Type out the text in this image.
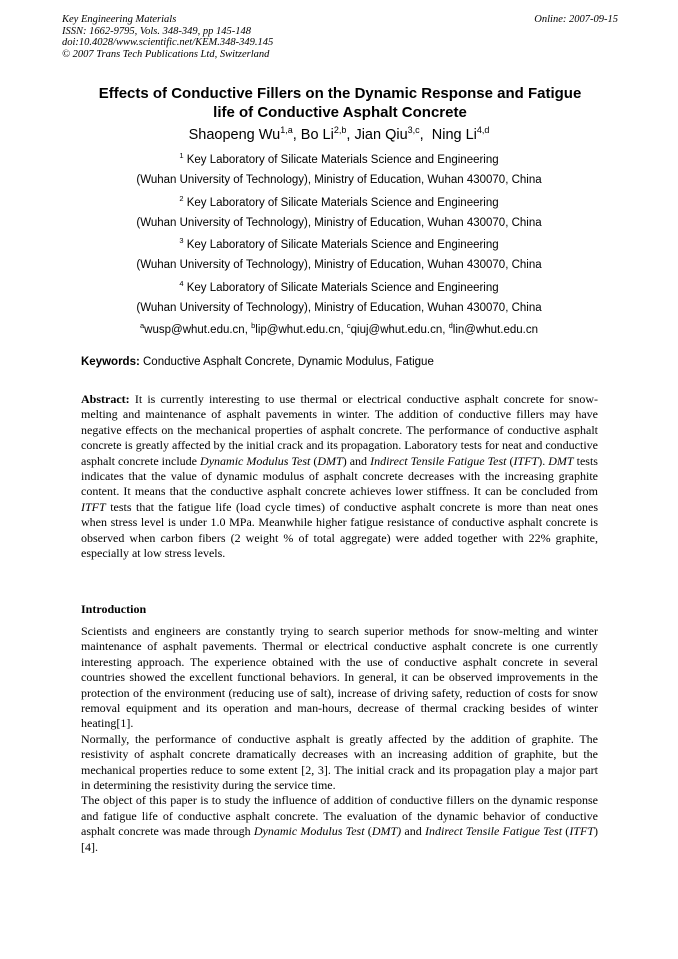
Key Engineering Materials
ISSN: 1662-9795, Vols. 348-349, pp 145-148
doi:10.4028/www.scientific.net/KEM.348-349.145
© 2007 Trans Tech Publications Ltd, Switzerland
Online: 2007-09-15
Effects of Conductive Fillers on the Dynamic Response and Fatigue
life of Conductive Asphalt Concrete
Shaopeng Wu$^{1,a}$, Bo Li$^{2,b}$, Jian Qiu$^{3,c}$,  Ning Li$^{4,d}$
$^1$ Key Laboratory of Silicate Materials Science and Engineering
(Wuhan University of Technology), Ministry of Education, Wuhan 430070, China
$^2$ Key Laboratory of Silicate Materials Science and Engineering
(Wuhan University of Technology), Ministry of Education, Wuhan 430070, China
$^3$ Key Laboratory of Silicate Materials Science and Engineering
(Wuhan University of Technology), Ministry of Education, Wuhan 430070, China
$^4$ Key Laboratory of Silicate Materials Science and Engineering
(Wuhan University of Technology), Ministry of Education, Wuhan 430070, China
$^a$wusp@whut.edu.cn, $^b$lip@whut.edu.cn, $^c$qiuj@whut.edu.cn, $^d$lin@whut.edu.cn
Keywords: Conductive Asphalt Concrete, Dynamic Modulus, Fatigue

Abstract: It is currently interesting to use thermal or electrical conductive asphalt concrete for snow-melting and maintenance of asphalt pavements in winter. The addition of conductive fillers may have negative effects on the mechanical properties of asphalt concrete. The performance of conductive asphalt concrete is greatly affected by the initial crack and its propagation. Laboratory tests for neat and conductive asphalt concrete include Dynamic Modulus Test (DMT) and Indirect Tensile Fatigue Test (ITFT). DMT tests indicates that the value of dynamic modulus of asphalt concrete decreases with the increasing graphite content. It means that the conductive asphalt concrete achieves lower stiffness. It can be concluded from ITFT tests that the fatigue life (load cycle times) of conductive asphalt concrete is more than neat ones when stress level is under 1.0 MPa. Meanwhile higher fatigue resistance of conductive asphalt concrete is observed when carbon fibers (2 weight % of total aggregate) were added together with 22% graphite, especially at low stress levels.

Introduction

Scientists and engineers are constantly trying to search superior methods for snow-melting and winter maintenance of asphalt pavements. Thermal or electrical conductive asphalt concrete is one currently interesting approach. The experience obtained with the use of conductive asphalt concrete in several countries showed the excellent functional behaviors. In general, it can be observed improvements in the protection of the environment (reducing use of salt), increase of driving safety, reduction of costs for snow removal equipment and its operation and man-hours, decrease of thermal cracking besides of winter heating[1].

Normally, the performance of conductive asphalt is greatly affected by the addition of graphite. The resistivity of asphalt concrete dramatically decreases with an increasing addition of graphite, but the mechanical properties reduce to some extent [2, 3]. The initial crack and its propagation play a major part in determining the resistivity during the service time.

The object of this paper is to study the influence of addition of conductive fillers on the dynamic response and fatigue life of conductive asphalt concrete. The evaluation of the dynamic behavior of conductive asphalt concrete was made through Dynamic Modulus Test (DMT) and Indirect Tensile Fatigue Test (ITFT)[4].
